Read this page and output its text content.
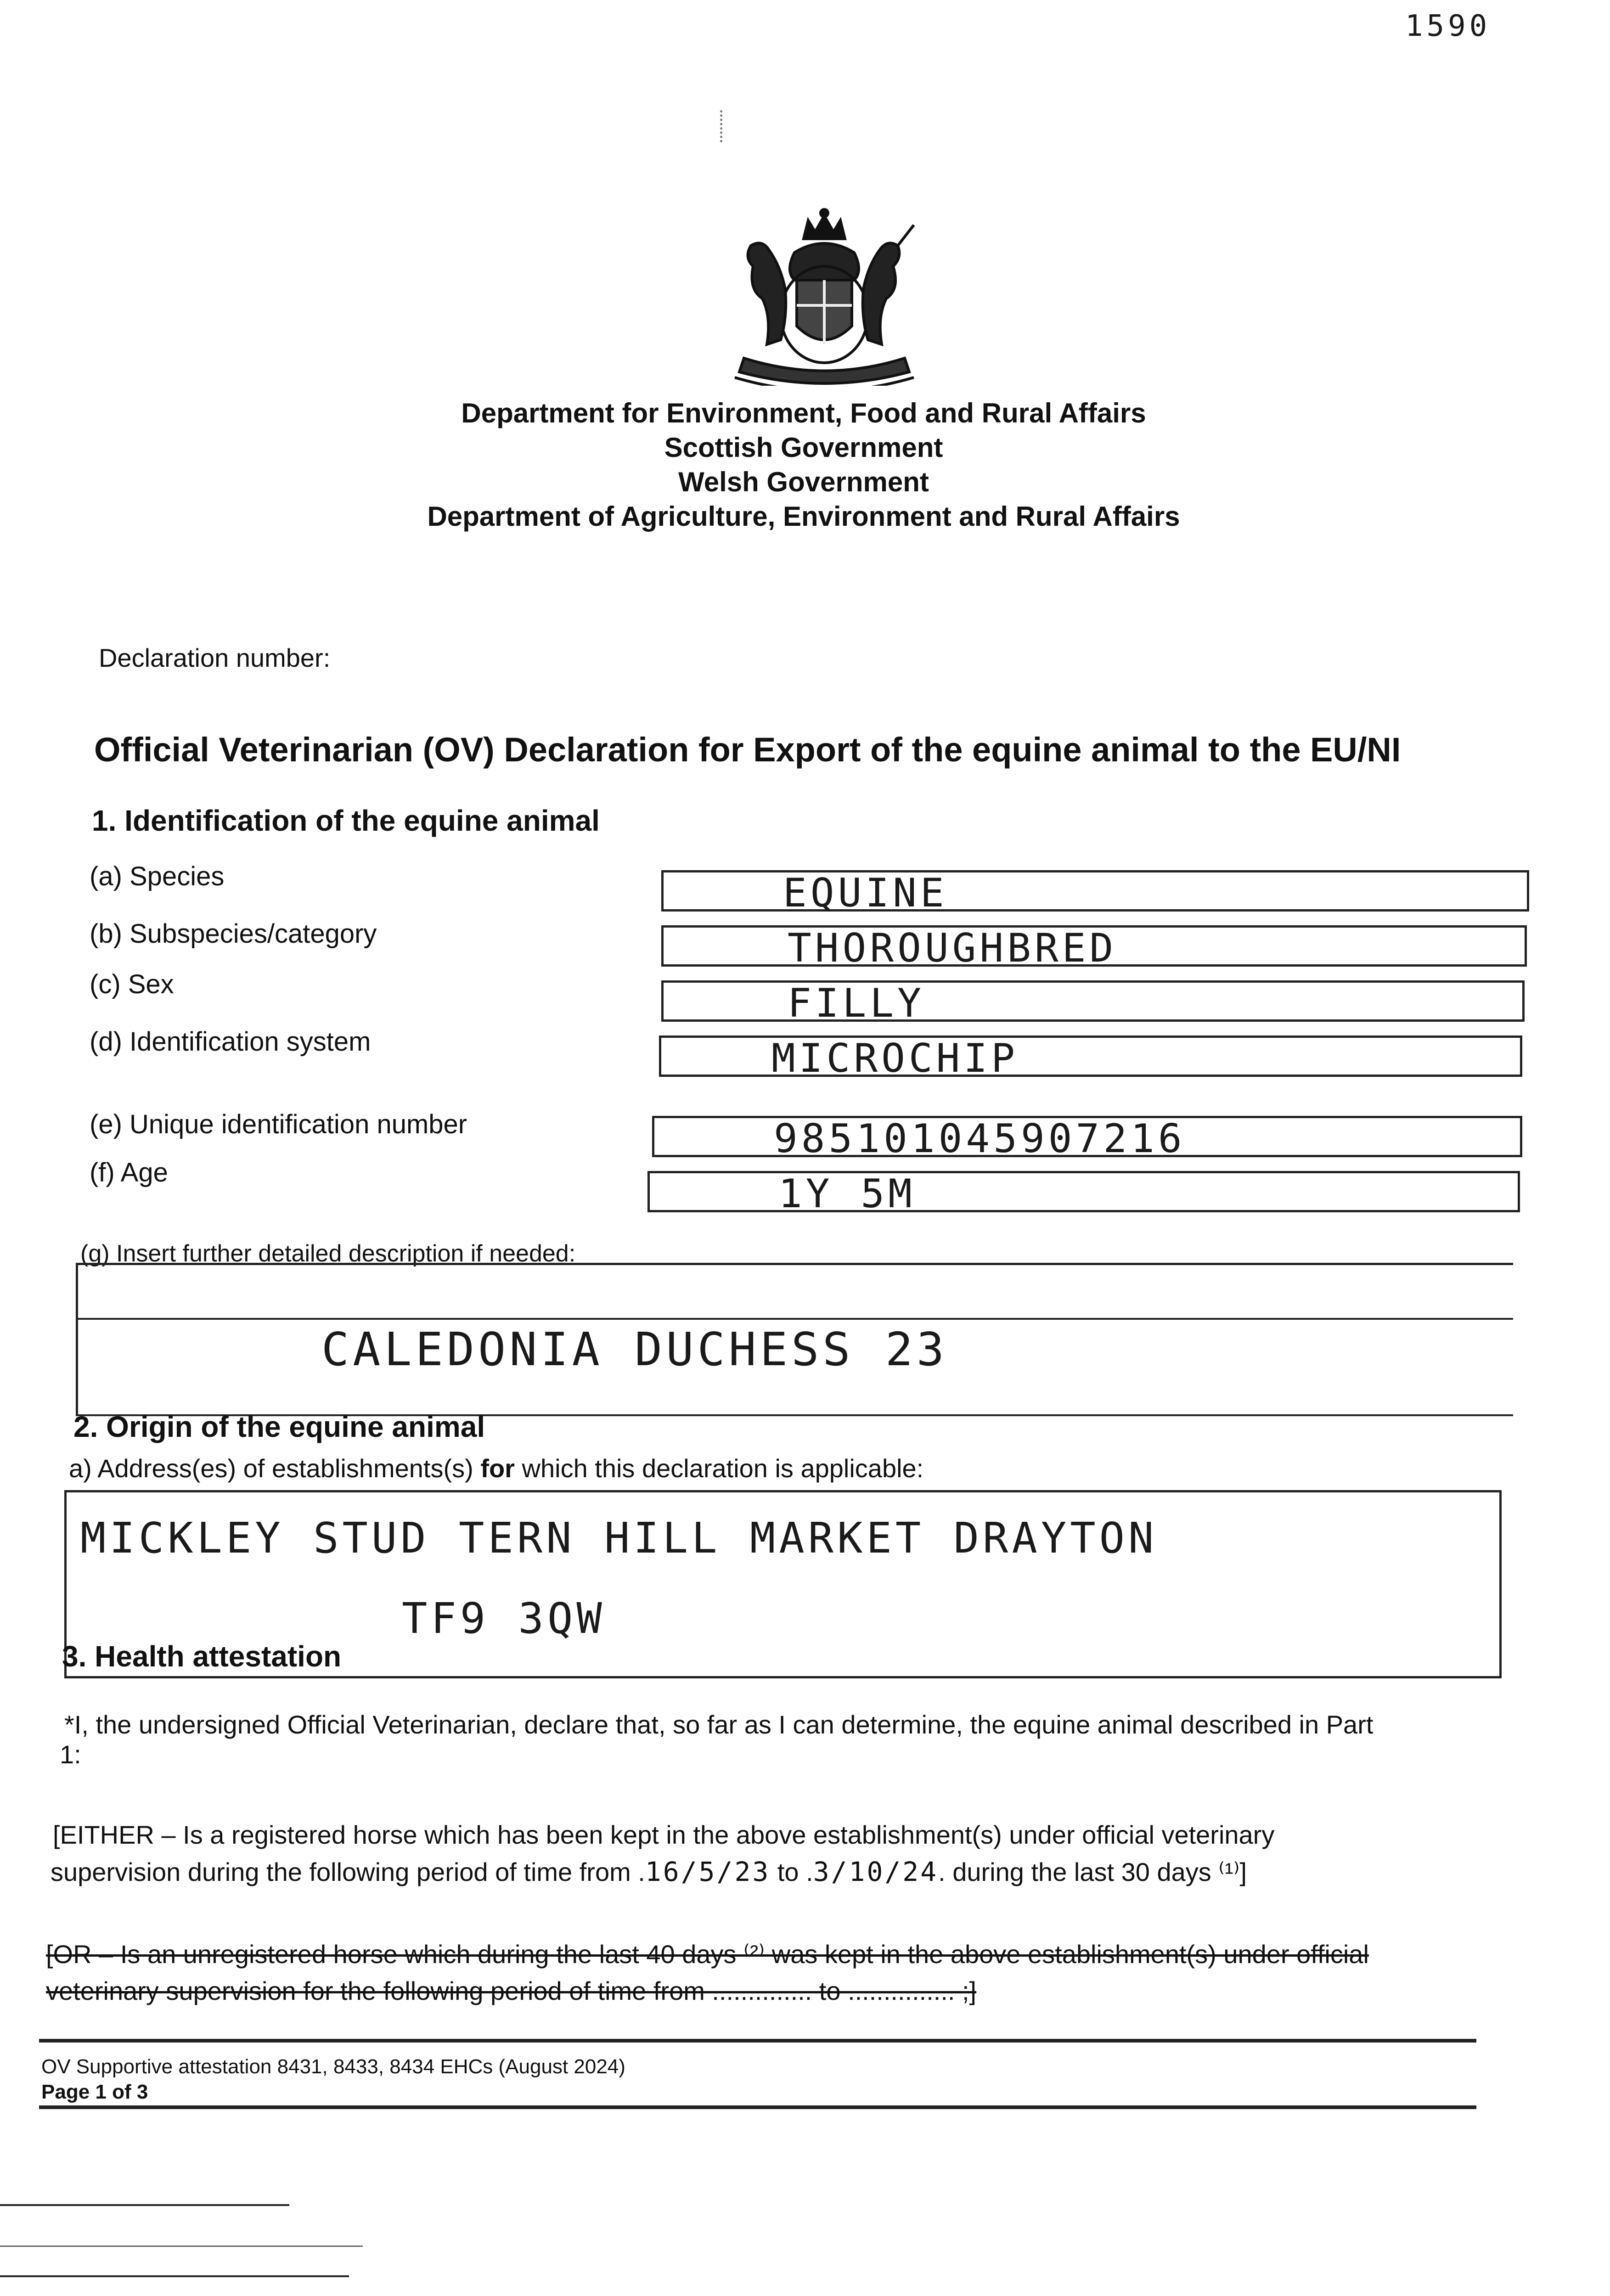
1590
Department for Environment, Food and Rural Affairs
Scottish Government
Welsh Government
Department of Agriculture, Environment and Rural Affairs
Declaration number:
Official Veterinarian (OV) Declaration for Export of the equine animal to the EU/NI
1. Identification of the equine animal
(a) Species	EQUINE
(b) Subspecies/category	THOROUGHBRED
(c) Sex	FILLY
(d) Identification system	MICROCHIP
(e) Unique identification number	985101045907216
(f) Age	1Y 5M
(g) Insert further detailed description if needed:
CALEDONIA DUCHESS 23
2. Origin of the equine animal
a) Address(es) of establishments(s) for which this declaration is applicable:
MICKLEY STUD TERN HILL MARKET DRAYTON
TF9 3QW
3. Health attestation
*I, the undersigned Official Veterinarian, declare that, so far as I can determine, the equine animal described in Part
1:
[EITHER – Is a registered horse which has been kept in the above establishment(s) under official veterinary
supervision during the following period of time from .16/5/23 to .3/10/24. during the last 30 days ⁽¹⁾]
[OR – Is an unregistered horse which during the last 40 days ⁽²⁾ was kept in the above establishment(s) under official
veterinary supervision for the following period of time from .............. to ............... ;]
OV Supportive attestation 8431, 8433, 8434 EHCs (August 2024)
Page 1 of 3
